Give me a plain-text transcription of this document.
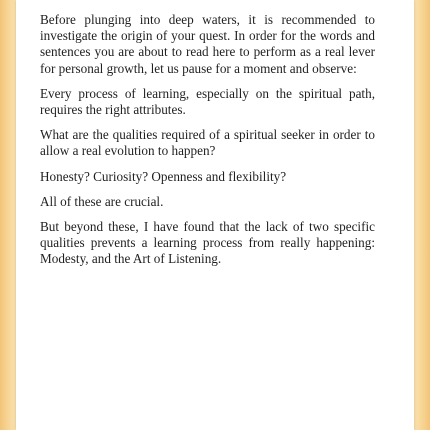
Before plunging into deep waters, it is recommended to investigate the origin of your quest. In order for the words and sentences you are about to read here to perform as a real lever for personal growth, let us pause for a moment and observe:

Every process of learning, especially on the spiritual path, requires the right attributes.

What are the qualities required of a spiritual seeker in order to allow a real evolution to happen?

Honesty? Curiosity? Openness and flexibility?

All of these are crucial.

But beyond these, I have found that the lack of two specific qualities prevents a learning process from really happening: Modesty, and the Art of Listening.
